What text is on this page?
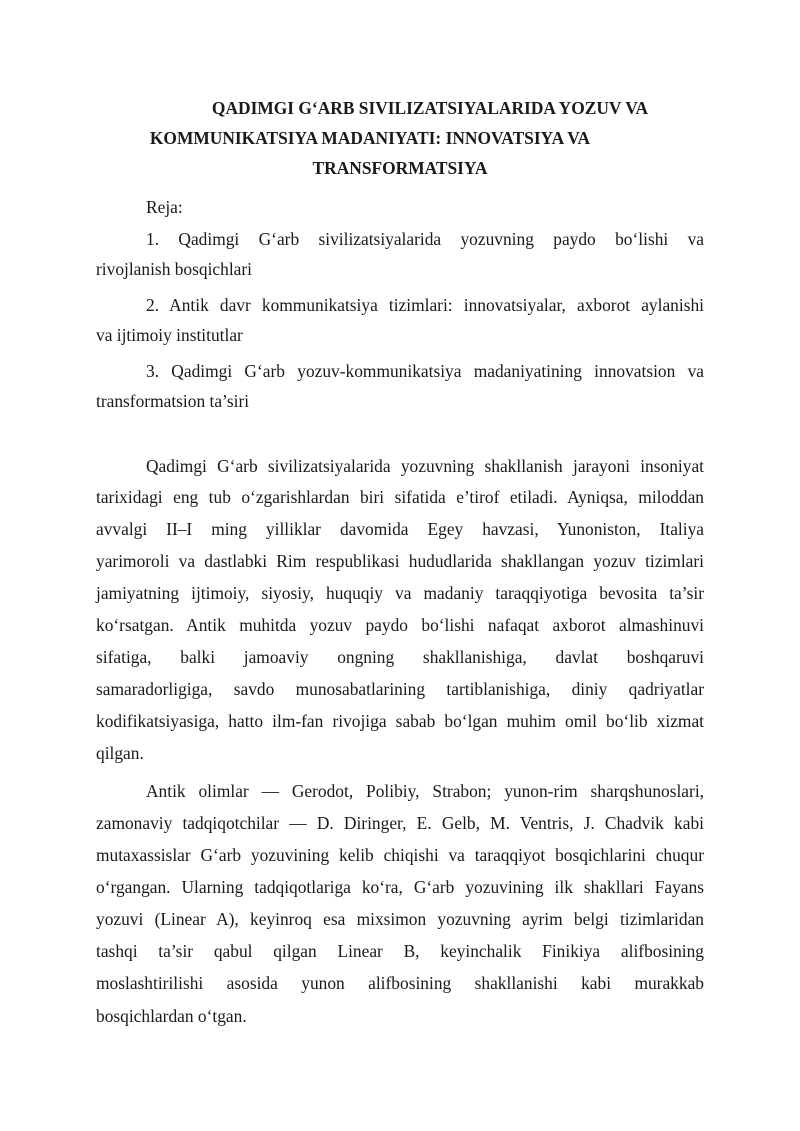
QADIMGI G‘ARB SIVILIZATSIYALARIDA YOZUV VA
KOMMUNIKATSIYA MADANIYATI: INNOVATSIYA VA
TRANSFORMATSIYA

Reja:

1. Qadimgi G‘arb sivilizatsiyalarida yozuvning paydo bo‘lishi va

rivojlanish bosqichlari

2. Antik davr kommunikatsiya tizimlari: innovatsiyalar, axborot aylanishi

va ijtimoiy institutlar

3. Qadimgi G‘arb yozuv-kommunikatsiya madaniyatining innovatsion va

transformatsion ta’siri

Qadimgi G‘arb sivilizatsiyalarida yozuvning shakllanish jarayoni insoniyat

tarixidagi eng tub o‘zgarishlardan biri sifatida e’tirof etiladi. Ayniqsa, miloddan

avvalgi II–I ming yilliklar davomida Egey havzasi, Yunoniston, Italiya

yarimoroli va dastlabki Rim respublikasi hududlarida shakllangan yozuv tizimlari

jamiyatning ijtimoiy, siyosiy, huquqiy va madaniy taraqqiyotiga bevosita ta’sir

ko‘rsatgan. Antik muhitda yozuv paydo bo‘lishi nafaqat axborot almashinuvi

sifatiga, balki jamoaviy ongning shakllanishiga, davlat boshqaruvi

samaradorligiga, savdo munosabatlarining tartiblanishiga, diniy qadriyatlar

kodifikatsiyasiga, hatto ilm-fan rivojiga sabab bo‘lgan muhim omil bo‘lib xizmat

qilgan.

Antik olimlar — Gerodot, Polibiy, Strabon; yunon-rim sharqshunoslari,

zamonaviy tadqiqotchilar — D. Diringer, E. Gelb, M. Ventris, J. Chadvik kabi

mutaxassislar G‘arb yozuvining kelib chiqishi va taraqqiyot bosqichlarini chuqur

o‘rgangan. Ularning tadqiqotlariga ko‘ra, G‘arb yozuvining ilk shakllari Fayans

yozuvi (Linear A), keyinroq esa mixsimon yozuvning ayrim belgi tizimlaridan

tashqi ta’sir qabul qilgan Linear B, keyinchalik Finikiya alifbosining

moslashtirilishi asosida yunon alifbosining shakllanishi kabi murakkab

bosqichlardan o‘tgan.
